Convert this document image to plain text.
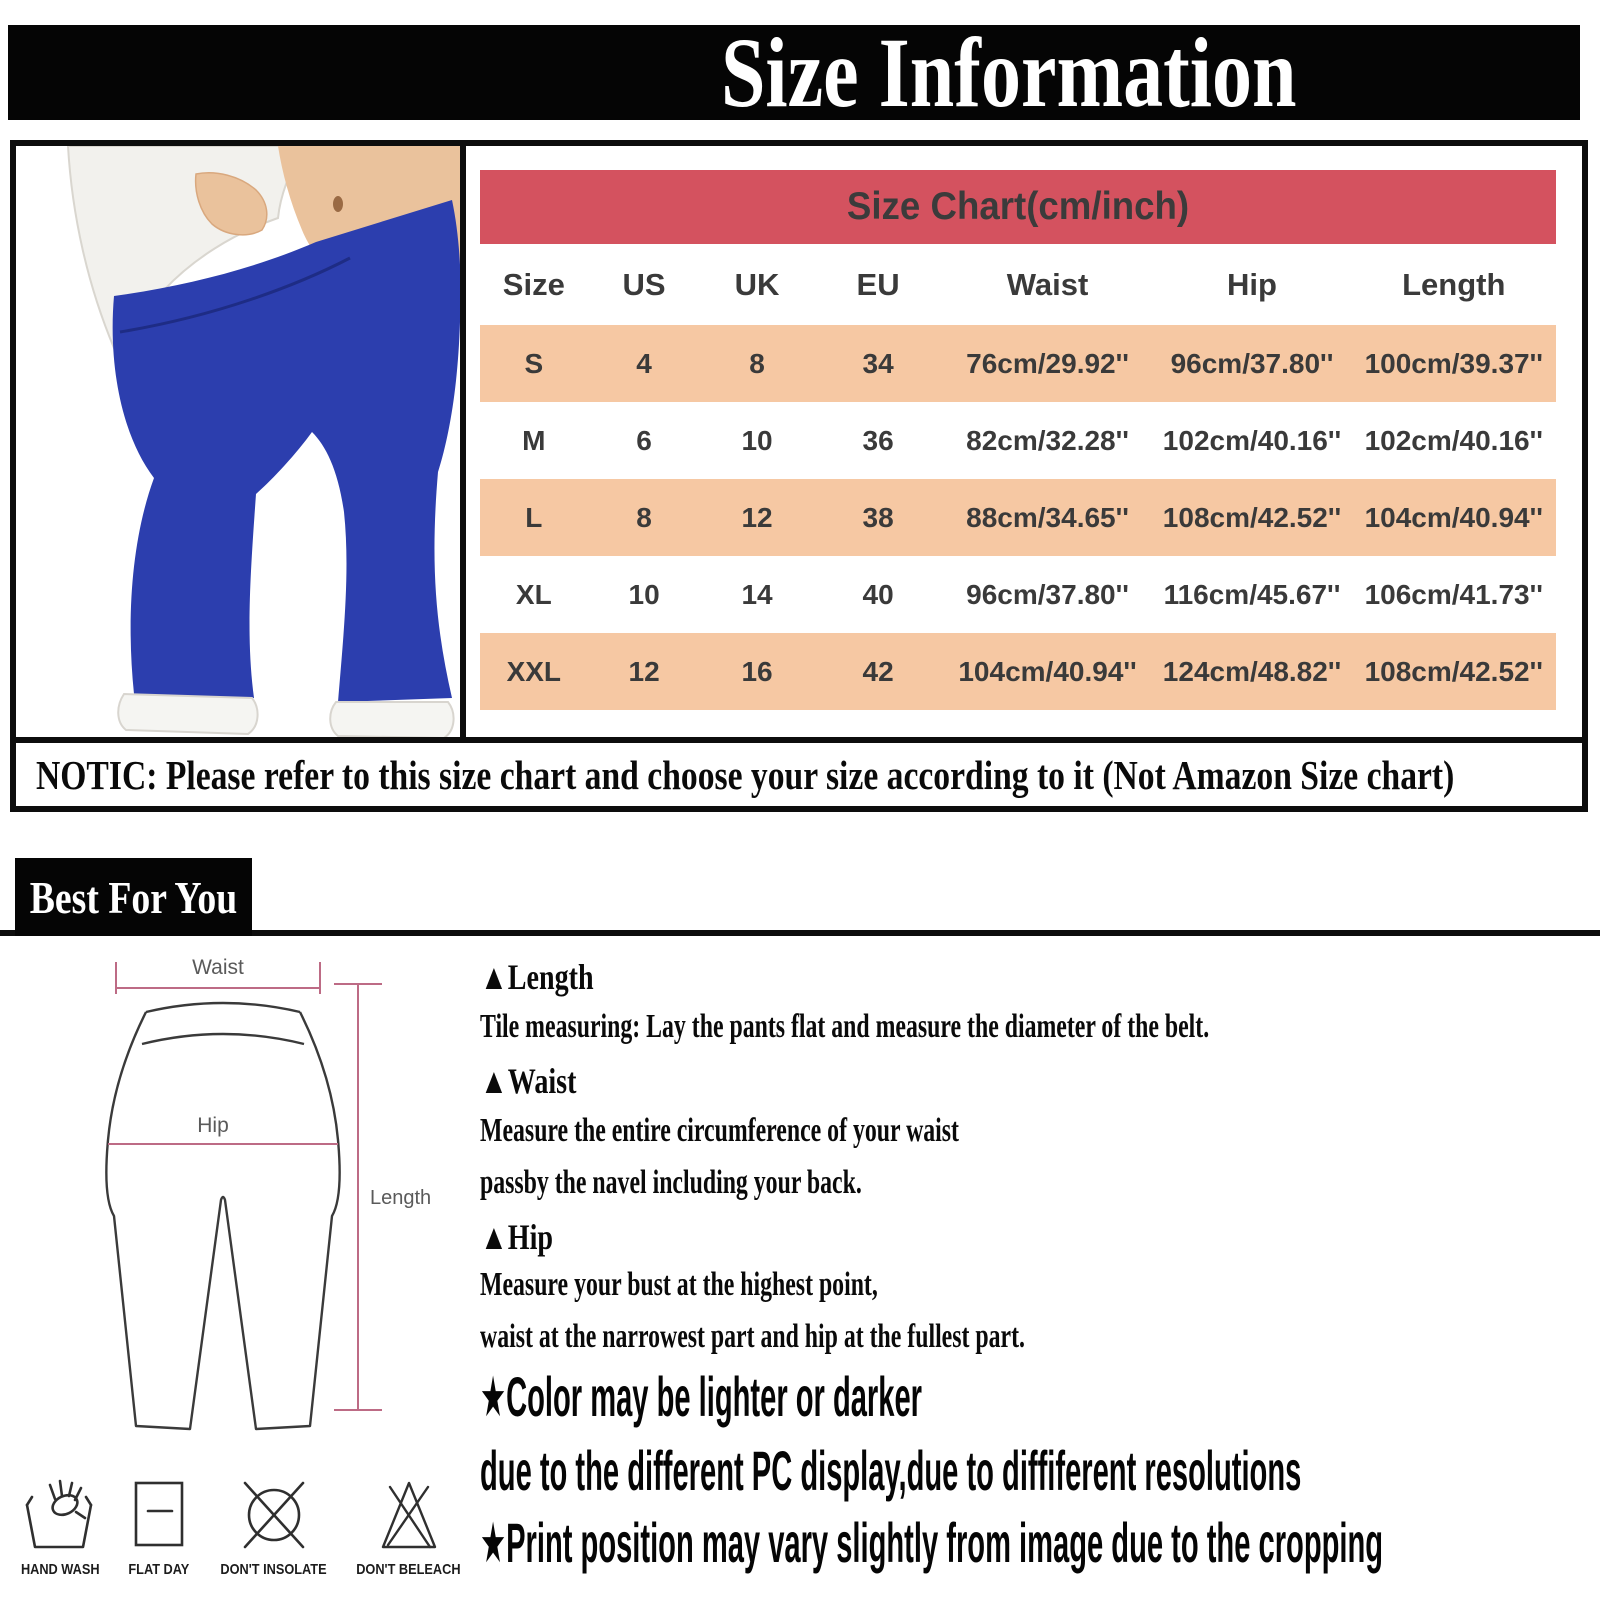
Size Information
Size Chart(cm/inch)
Size	US	UK	EU	Waist	Hip	Length
S	4	8	34	76cm/29.92''	96cm/37.80''	100cm/39.37''
M	6	10	36	82cm/32.28''	102cm/40.16''	102cm/40.16''
L	8	12	38	88cm/34.65''	108cm/42.52''	104cm/40.94''
XL	10	14	40	96cm/37.80''	116cm/45.67''	106cm/41.73''
XXL	12	16	42	104cm/40.94''	124cm/48.82''	108cm/42.52''
NOTIC: Please refer to this size chart and choose your size according to it (Not Amazon Size chart)
Best For You
Waist
Hip
Length
▲Length
Tile measuring: Lay the pants flat and measure the diameter of the belt.
▲Waist
Measure the entire circumference of your waist
passby the navel including your back.
▲Hip
Measure your bust at the highest point,
waist at the narrowest part and hip at the fullest part.
★Color may be lighter or darker
due to the different PC display,due to diffiferent resolutions
★Print position may vary slightly from image due to the cropping
HAND WASH FLAT DAY DON'T INSOLATE DON'T BELEACH
